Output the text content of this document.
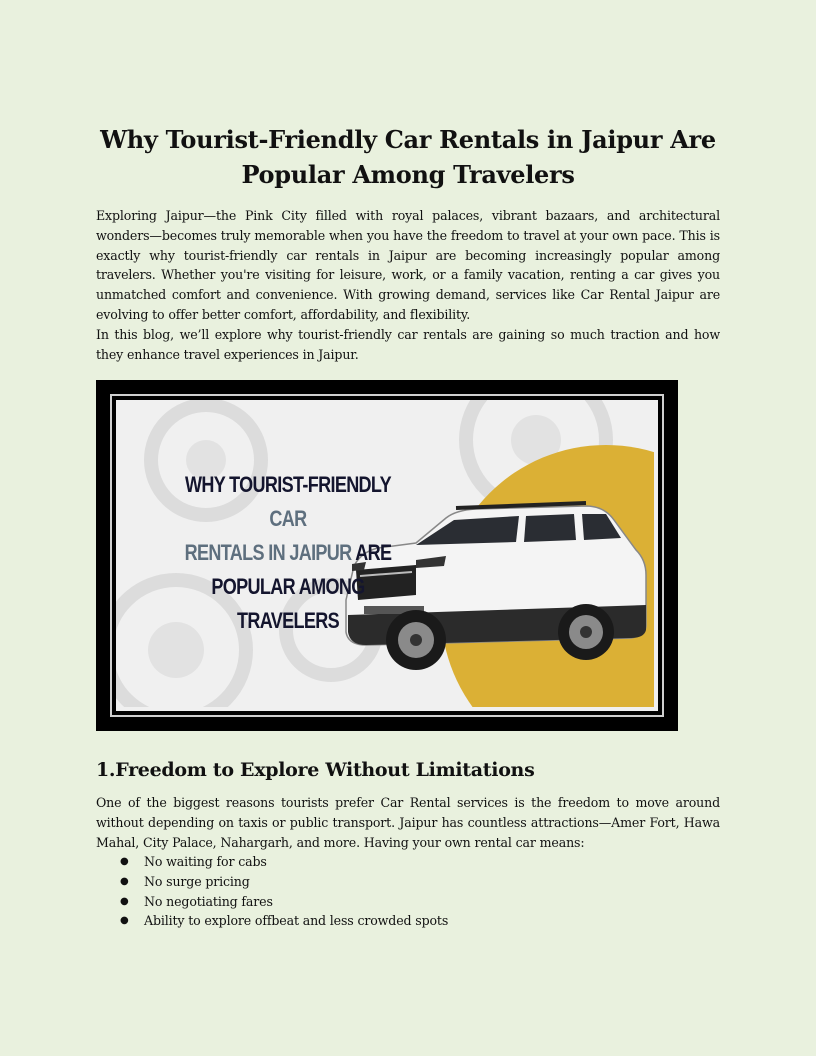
Why Tourist-Friendly Car Rentals in Jaipur Are Popular Among Travelers

Exploring Jaipur—the Pink City filled with royal palaces, vibrant bazaars, and architectural wonders—becomes truly memorable when you have the freedom to travel at your own pace. This is exactly why tourist-friendly car rentals in Jaipur are becoming increasingly popular among travelers. Whether you're visiting for leisure, work, or a family vacation, renting a car gives you unmatched comfort and convenience. With growing demand, services like Car Rental Jaipur are evolving to offer better comfort, affordability, and flexibility.

In this blog, we’ll explore why tourist-friendly car rentals are gaining so much traction and how they enhance travel experiences in Jaipur.

WHY TOURIST-FRIENDLY CAR
RENTALS IN JAIPUR ARE
POPULAR AMONG TRAVELERS
1.Freedom to Explore Without Limitations

One of the biggest reasons tourists prefer Car Rental services is the freedom to move around without depending on taxis or public transport. Jaipur has countless attractions—Amer Fort, Hawa Mahal, City Palace, Nahargarh, and more. Having your own rental car means:

● No waiting for cabs
● No surge pricing
● No negotiating fares
● Ability to explore offbeat and less crowded spots
